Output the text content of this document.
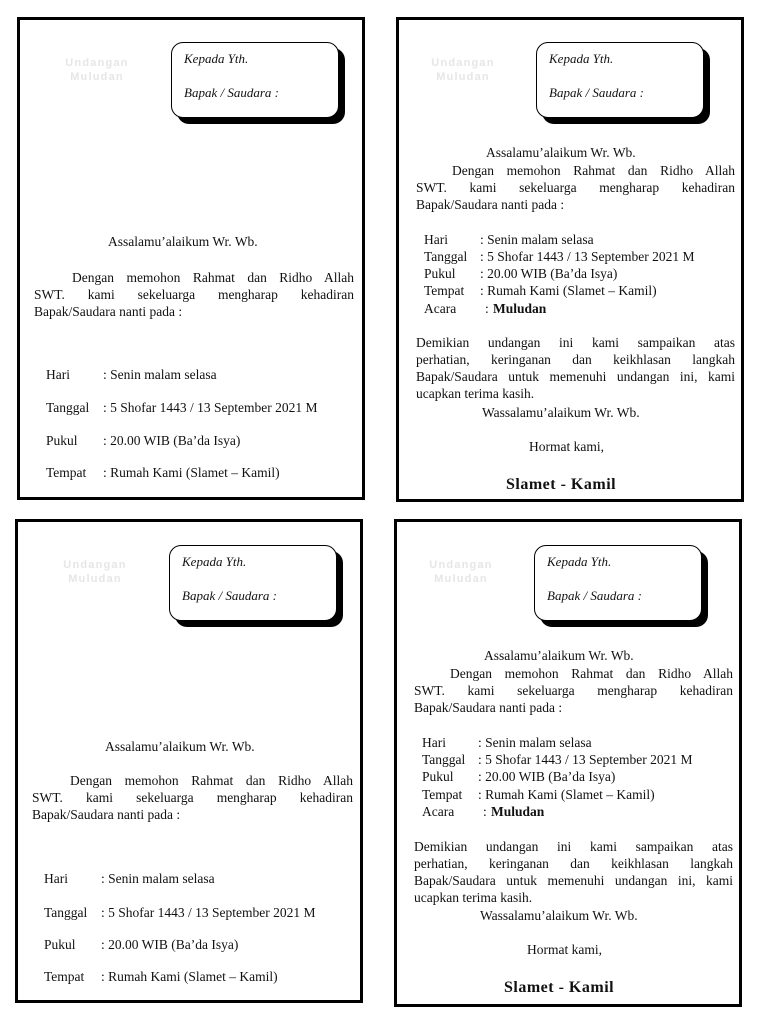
Undangan
Muludan
Kepada Yth.
Bapak / Saudara :
Assalamu’alaikum Wr. Wb.
Dengan memohon Rahmat dan Ridho Allah
SWT. kami sekeluarga mengharap kehadiran
Bapak/Saudara nanti pada :
Hari : Senin malam selasa
Tanggal : 5 Shofar 1443 / 13 September 2021 M
Pukul : 20.00 WIB (Ba’da Isya)
Tempat : Rumah Kami (Slamet – Kamil)
Undangan
Muludan
Kepada Yth.
Bapak / Saudara :
Assalamu’alaikum Wr. Wb.
Dengan memohon Rahmat dan Ridho Allah
SWT. kami sekeluarga mengharap kehadiran
Bapak/Saudara nanti pada :
Hari : Senin malam selasa
Tanggal : 5 Shofar 1443 / 13 September 2021 M
Pukul : 20.00 WIB (Ba’da Isya)
Tempat : Rumah Kami (Slamet – Kamil)
Acara : Muludan
Demikian undangan ini kami sampaikan atas
perhatian, keringanan dan keikhlasan langkah
Bapak/Saudara untuk memenuhi undangan ini, kami
ucapkan terima kasih.
Wassalamu’alaikum Wr. Wb.
Hormat kami,
Slamet - Kamil
Undangan
Muludan
Kepada Yth.
Bapak / Saudara :
Assalamu’alaikum Wr. Wb.
Dengan memohon Rahmat dan Ridho Allah
SWT. kami sekeluarga mengharap kehadiran
Bapak/Saudara nanti pada :
Hari : Senin malam selasa
Tanggal : 5 Shofar 1443 / 13 September 2021 M
Pukul : 20.00 WIB (Ba’da Isya)
Tempat : Rumah Kami (Slamet – Kamil)
Undangan
Muludan
Kepada Yth.
Bapak / Saudara :
Assalamu’alaikum Wr. Wb.
Dengan memohon Rahmat dan Ridho Allah
SWT. kami sekeluarga mengharap kehadiran
Bapak/Saudara nanti pada :
Hari : Senin malam selasa
Tanggal : 5 Shofar 1443 / 13 September 2021 M
Pukul : 20.00 WIB (Ba’da Isya)
Tempat : Rumah Kami (Slamet – Kamil)
Acara : Muludan
Demikian undangan ini kami sampaikan atas
perhatian, keringanan dan keikhlasan langkah
Bapak/Saudara untuk memenuhi undangan ini, kami
ucapkan terima kasih.
Wassalamu’alaikum Wr. Wb.
Hormat kami,
Slamet - Kamil
